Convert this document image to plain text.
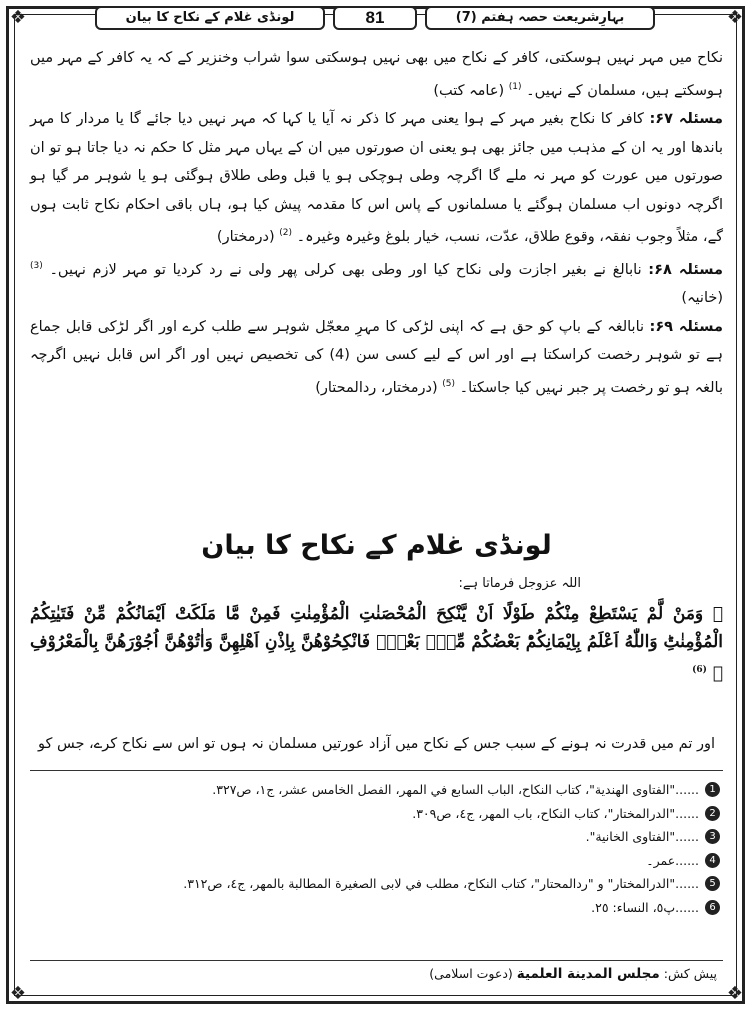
❖	❖
❖	❖
بہارِشریعت حصہ ہفتم (7)
81
لونڈی غلام کے نکاح کا بیان

نکاح میں مہر نہیں ہوسکتی، کافر کے نکاح میں بھی نہیں ہوسکتی سوا شراب وخنزیر کے کہ یہ کافر کے مہر میں ہوسکتے ہیں، مسلمان کے نہیں۔ $^{(1)}$ (عامہ کتب)

مسئلہ ۶۷: کافر کا نکاح بغیر مہر کے ہوا یعنی مہر کا ذکر نہ آیا یا کہا کہ مہر نہیں دیا جائے گا یا مردار کا مہر باندھا اور یہ ان کے مذہب میں جائز بھی ہو یعنی ان صورتوں میں ان کے یہاں مہر مثل کا حکم نہ دیا جاتا ہو تو ان صورتوں میں عورت کو مہر نہ ملے گا اگرچہ وطی ہوچکی ہو یا قبل وطی طلاق ہوگئی ہو یا شوہر مر گیا ہو اگرچہ دونوں اب مسلمان ہوگئے یا مسلمانوں کے پاس اس کا مقدمہ پیش کیا ہو، ہاں باقی احکام نکاح ثابت ہوں گے، مثلاً وجوب نفقہ، وقوع طلاق، عدّت، نسب، خیار بلوغ وغیرہ وغیرہ۔ $^{(2)}$ (درمختار)

مسئلہ ۶۸: نابالغ نے بغیر اجازت ولی نکاح کیا اور وطی بھی کرلی پھر ولی نے رد کردیا تو مہر لازم نہیں۔ $^{(3)}$ (خانیہ)

مسئلہ ۶۹: نابالغہ کے باپ کو حق ہے کہ اپنی لڑکی کا مہرِ معجّل شوہر سے طلب کرے اور اگر لڑکی قابل جماع ہے تو شوہر رخصت کراسکتا ہے اور اس کے لیے کسی سن (4) کی تخصیص نہیں اور اگر اس قابل نہیں اگرچہ بالغہ ہو تو رخصت پر جبر نہیں کیا جاسکتا۔ $^{(5)}$ (درمختار، ردالمحتار)

لونڈی غلام کے نکاح کا بیان
اللہ عزوجل فرماتا ہے:
﴿ وَمَنْ لَّمْ یَسْتَطِعْ مِنْكُمْ طَوْلًا اَنْ یَّنْكِحَ الْمُحْصَنٰتِ الْمُؤْمِنٰتِ فَمِنْ مَّا مَلَكَتْ اَیْمَانُكُمْ مِّنْ فَتَیٰتِكُمُ الْمُؤْمِنٰتِؕ وَاللّٰهُ اَعْلَمُ بِاِیْمَانِكُمْؕ بَعْضُكُمْ مِّنْۢ بَعْضٍۚ فَانْكِحُوْهُنَّ بِاِذْنِ اَهْلِهِنَّ وَاٰتُوْهُنَّ اُجُوْرَهُنَّ بِالْمَعْرُوْفِ ﴾ $^{(6)}$
اور تم میں قدرت نہ ہونے کے سبب جس کے نکاح میں آزاد عورتیں مسلمان نہ ہوں تو اس سے نکاح کرے، جس کو

1
......"الفتاوى الهندية"، كتاب النكاح، الباب السابع في المهر، الفصل الخامس عشر، ج١، ص٣٢٧.

2
......"الدرالمختار"، كتاب النكاح، باب المهر، ج٤، ص٣٠٩.

3
......"الفتاوى الخانية".

4
......عمر۔

5
......"الدرالمختار" و "ردالمحتار"، كتاب النكاح، مطلب في لابى الصغيرة المطالبة بالمهر، ج٤، ص٣١٢.

6
......پ٥، النساء: ٢٥.

پیش کش: مجلس المدينة العلمية (دعوت اسلامی)
